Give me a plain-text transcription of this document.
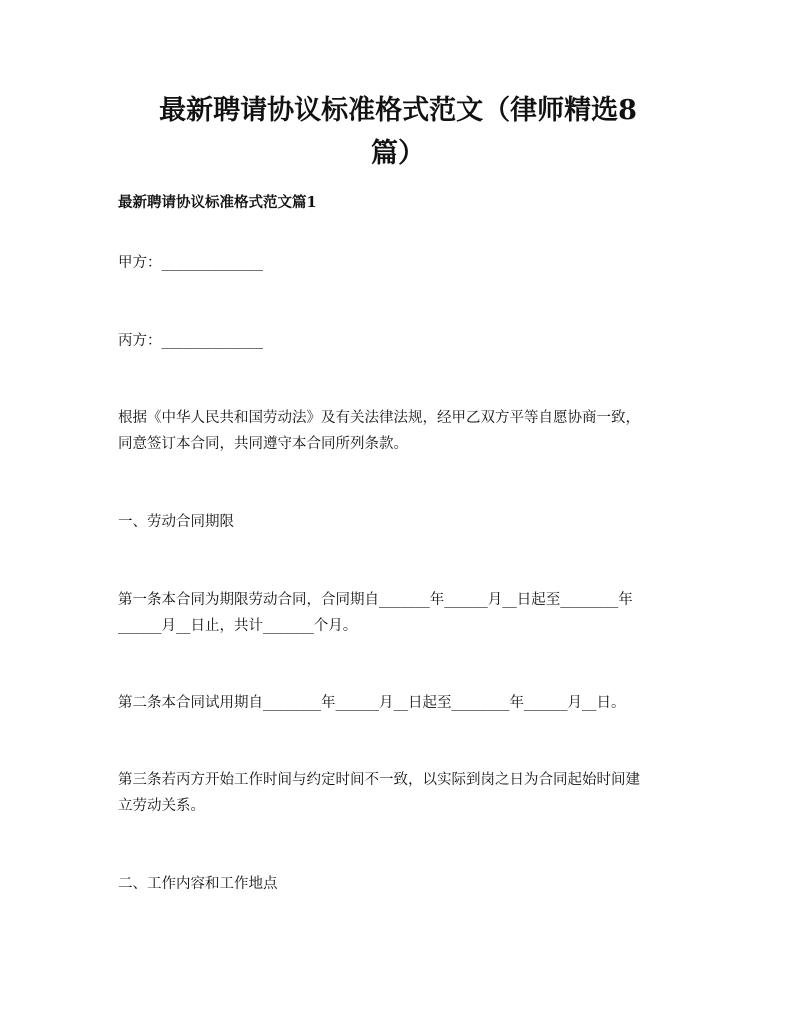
最新聘请协议标准格式范文（律师精选8
篇）
最新聘请协议标准格式范文篇1

甲方：______________

丙方：______________

根据《中华人民共和国劳动法》及有关法律法规，经甲乙双方平等自愿协商一致，

同意签订本合同，共同遵守本合同所列条款。

一、劳动合同期限

第一条本合同为期限劳动合同，合同期自_______年______月__日起至________年

______月__日止，共计_______个月。

第二条本合同试用期自________年______月__日起至________年______月__日。

第三条若丙方开始工作时间与约定时间不一致，以实际到岗之日为合同起始时间建

立劳动关系。

二、工作内容和工作地点
